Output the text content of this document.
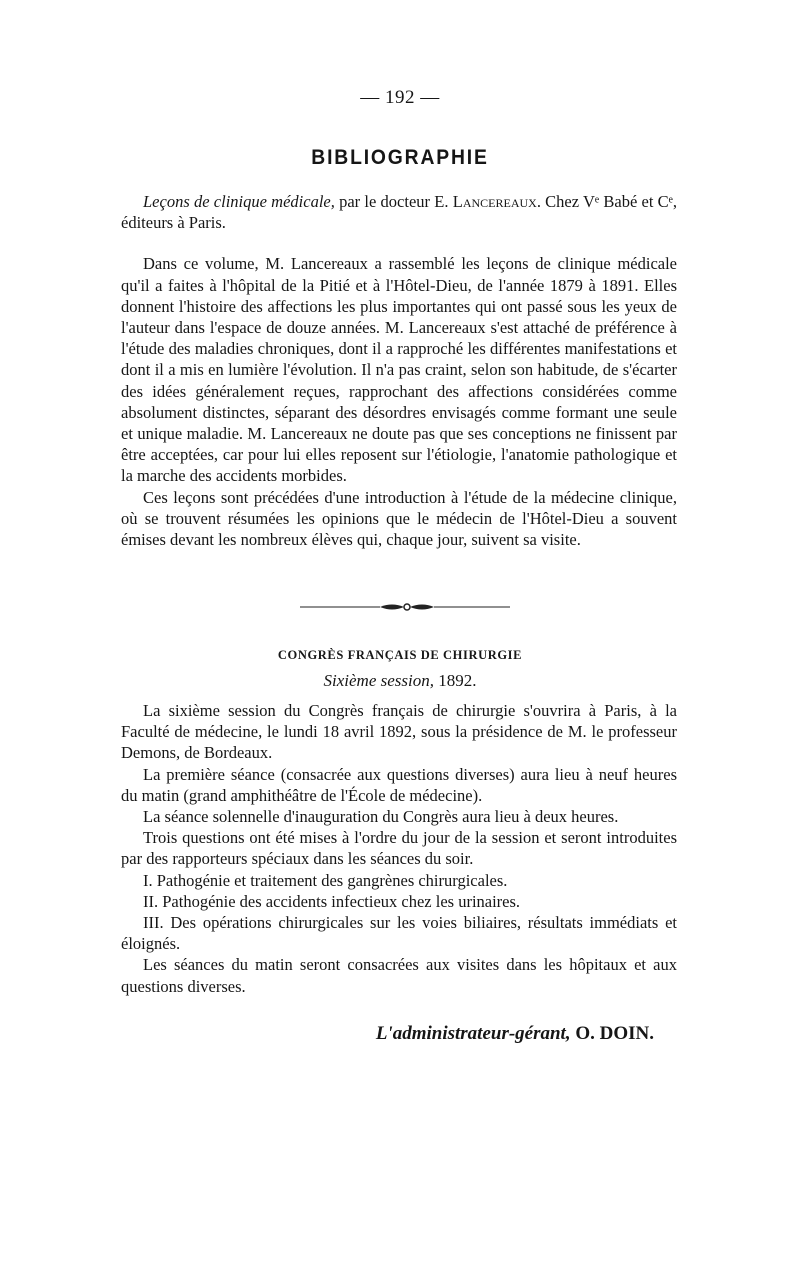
— 192 —
BIBLIOGRAPHIE

Leçons de clinique médicale, par le docteur E. Lancereaux. Chez Vᵉ Babé et Cᵉ, éditeurs à Paris.

Dans ce volume, M. Lancereaux a rassemblé les leçons de clinique médicale qu'il a faites à l'hôpital de la Pitié et à l'Hôtel-Dieu, de l'année 1879 à 1891. Elles donnent l'histoire des affections les plus importantes qui ont passé sous les yeux de l'auteur dans l'espace de douze années. M. Lancereaux s'est attaché de préférence à l'étude des maladies chroniques, dont il a rapproché les différentes manifestations et dont il a mis en lumière l'évolution. Il n'a pas craint, selon son habitude, de s'écarter des idées généralement reçues, rapprochant des affections considérées comme absolument distinctes, séparant des désordres envisagés comme formant une seule et unique maladie. M. Lancereaux ne doute pas que ses conceptions ne finissent par être acceptées, car pour lui elles reposent sur l'étiologie, l'anatomie pathologique et la marche des accidents morbides.

Ces leçons sont précédées d'une introduction à l'étude de la médecine clinique, où se trouvent résumées les opinions que le médecin de l'Hôtel-Dieu a souvent émises devant les nombreux élèves qui, chaque jour, suivent sa visite.

CONGRÈS FRANÇAIS DE CHIRURGIE
Sixième session, 1892.

La sixième session du Congrès français de chirurgie s'ouvrira à Paris, à la Faculté de médecine, le lundi 18 avril 1892, sous la présidence de M. le professeur Demons, de Bordeaux.

La première séance (consacrée aux questions diverses) aura lieu à neuf heures du matin (grand amphithéâtre de l'École de médecine).

La séance solennelle d'inauguration du Congrès aura lieu à deux heures.

Trois questions ont été mises à l'ordre du jour de la session et seront introduites par des rapporteurs spéciaux dans les séances du soir.

I. Pathogénie et traitement des gangrènes chirurgicales.

II. Pathogénie des accidents infectieux chez les urinaires.

III. Des opérations chirurgicales sur les voies biliaires, résultats immédiats et éloignés.

Les séances du matin seront consacrées aux visites dans les hôpitaux et aux questions diverses.

L'administrateur-gérant, O. DOIN.
